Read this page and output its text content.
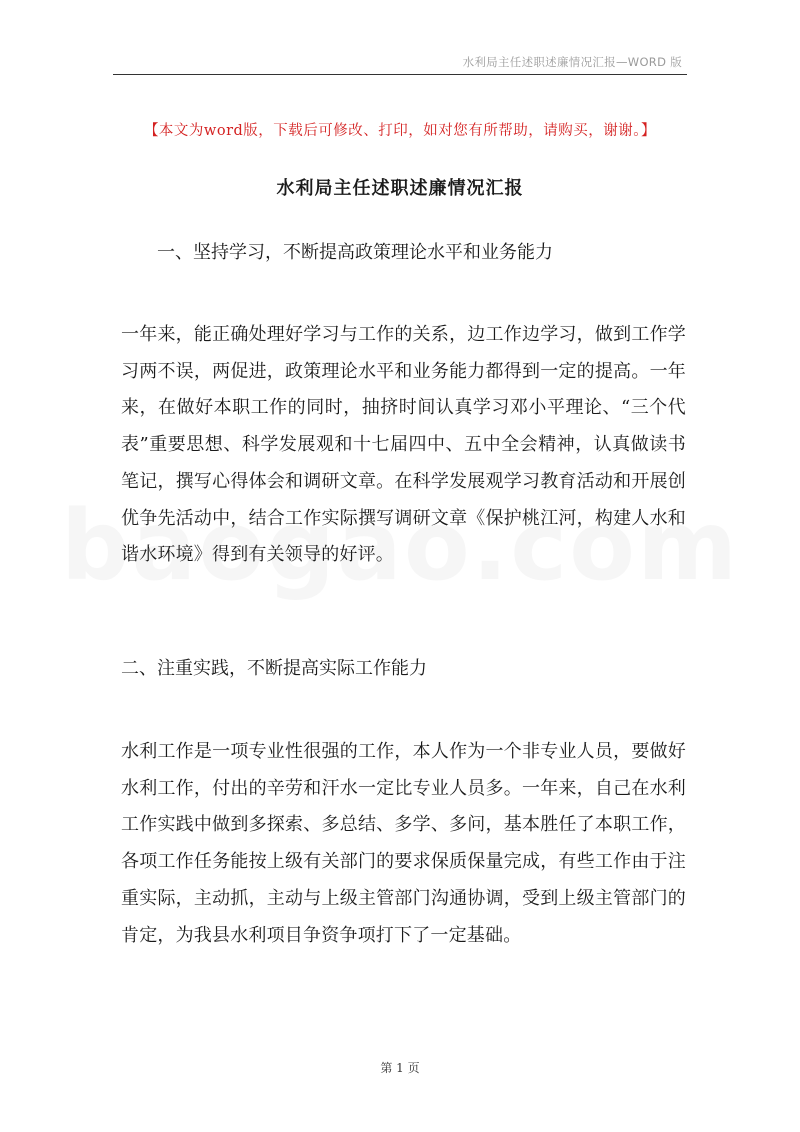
水利局主任述职述廉情况汇报—WORD 版
【本文为word版，下载后可修改、打印，如对您有所帮助，请购买，谢谢。】
水利局主任述职述廉情况汇报
一、坚持学习，不断提高政策理论水平和业务能力
一年来，能正确处理好学习与工作的关系，边工作边学习，做到工作学习两不误，两促进，政策理论水平和业务能力都得到一定的提高。一年来，在做好本职工作的同时，抽挤时间认真学习邓小平理论、“三个代表”重要思想、科学发展观和十七届四中、五中全会精神，认真做读书笔记，撰写心得体会和调研文章。在科学发展观学习教育活动和开展创优争先活动中，结合工作实际撰写调研文章《保护桃江河，构建人水和谐水环境》得到有关领导的好评。
二、注重实践，不断提高实际工作能力
水利工作是一项专业性很强的工作，本人作为一个非专业人员，要做好水利工作，付出的辛劳和汗水一定比专业人员多。一年来，自己在水利工作实践中做到多探索、多总结、多学、多问，基本胜任了本职工作，各项工作任务能按上级有关部门的要求保质保量完成，有些工作由于注重实际，主动抓，主动与上级主管部门沟通协调，受到上级主管部门的肯定，为我县水利项目争资争项打下了一定基础。
第 1 页
